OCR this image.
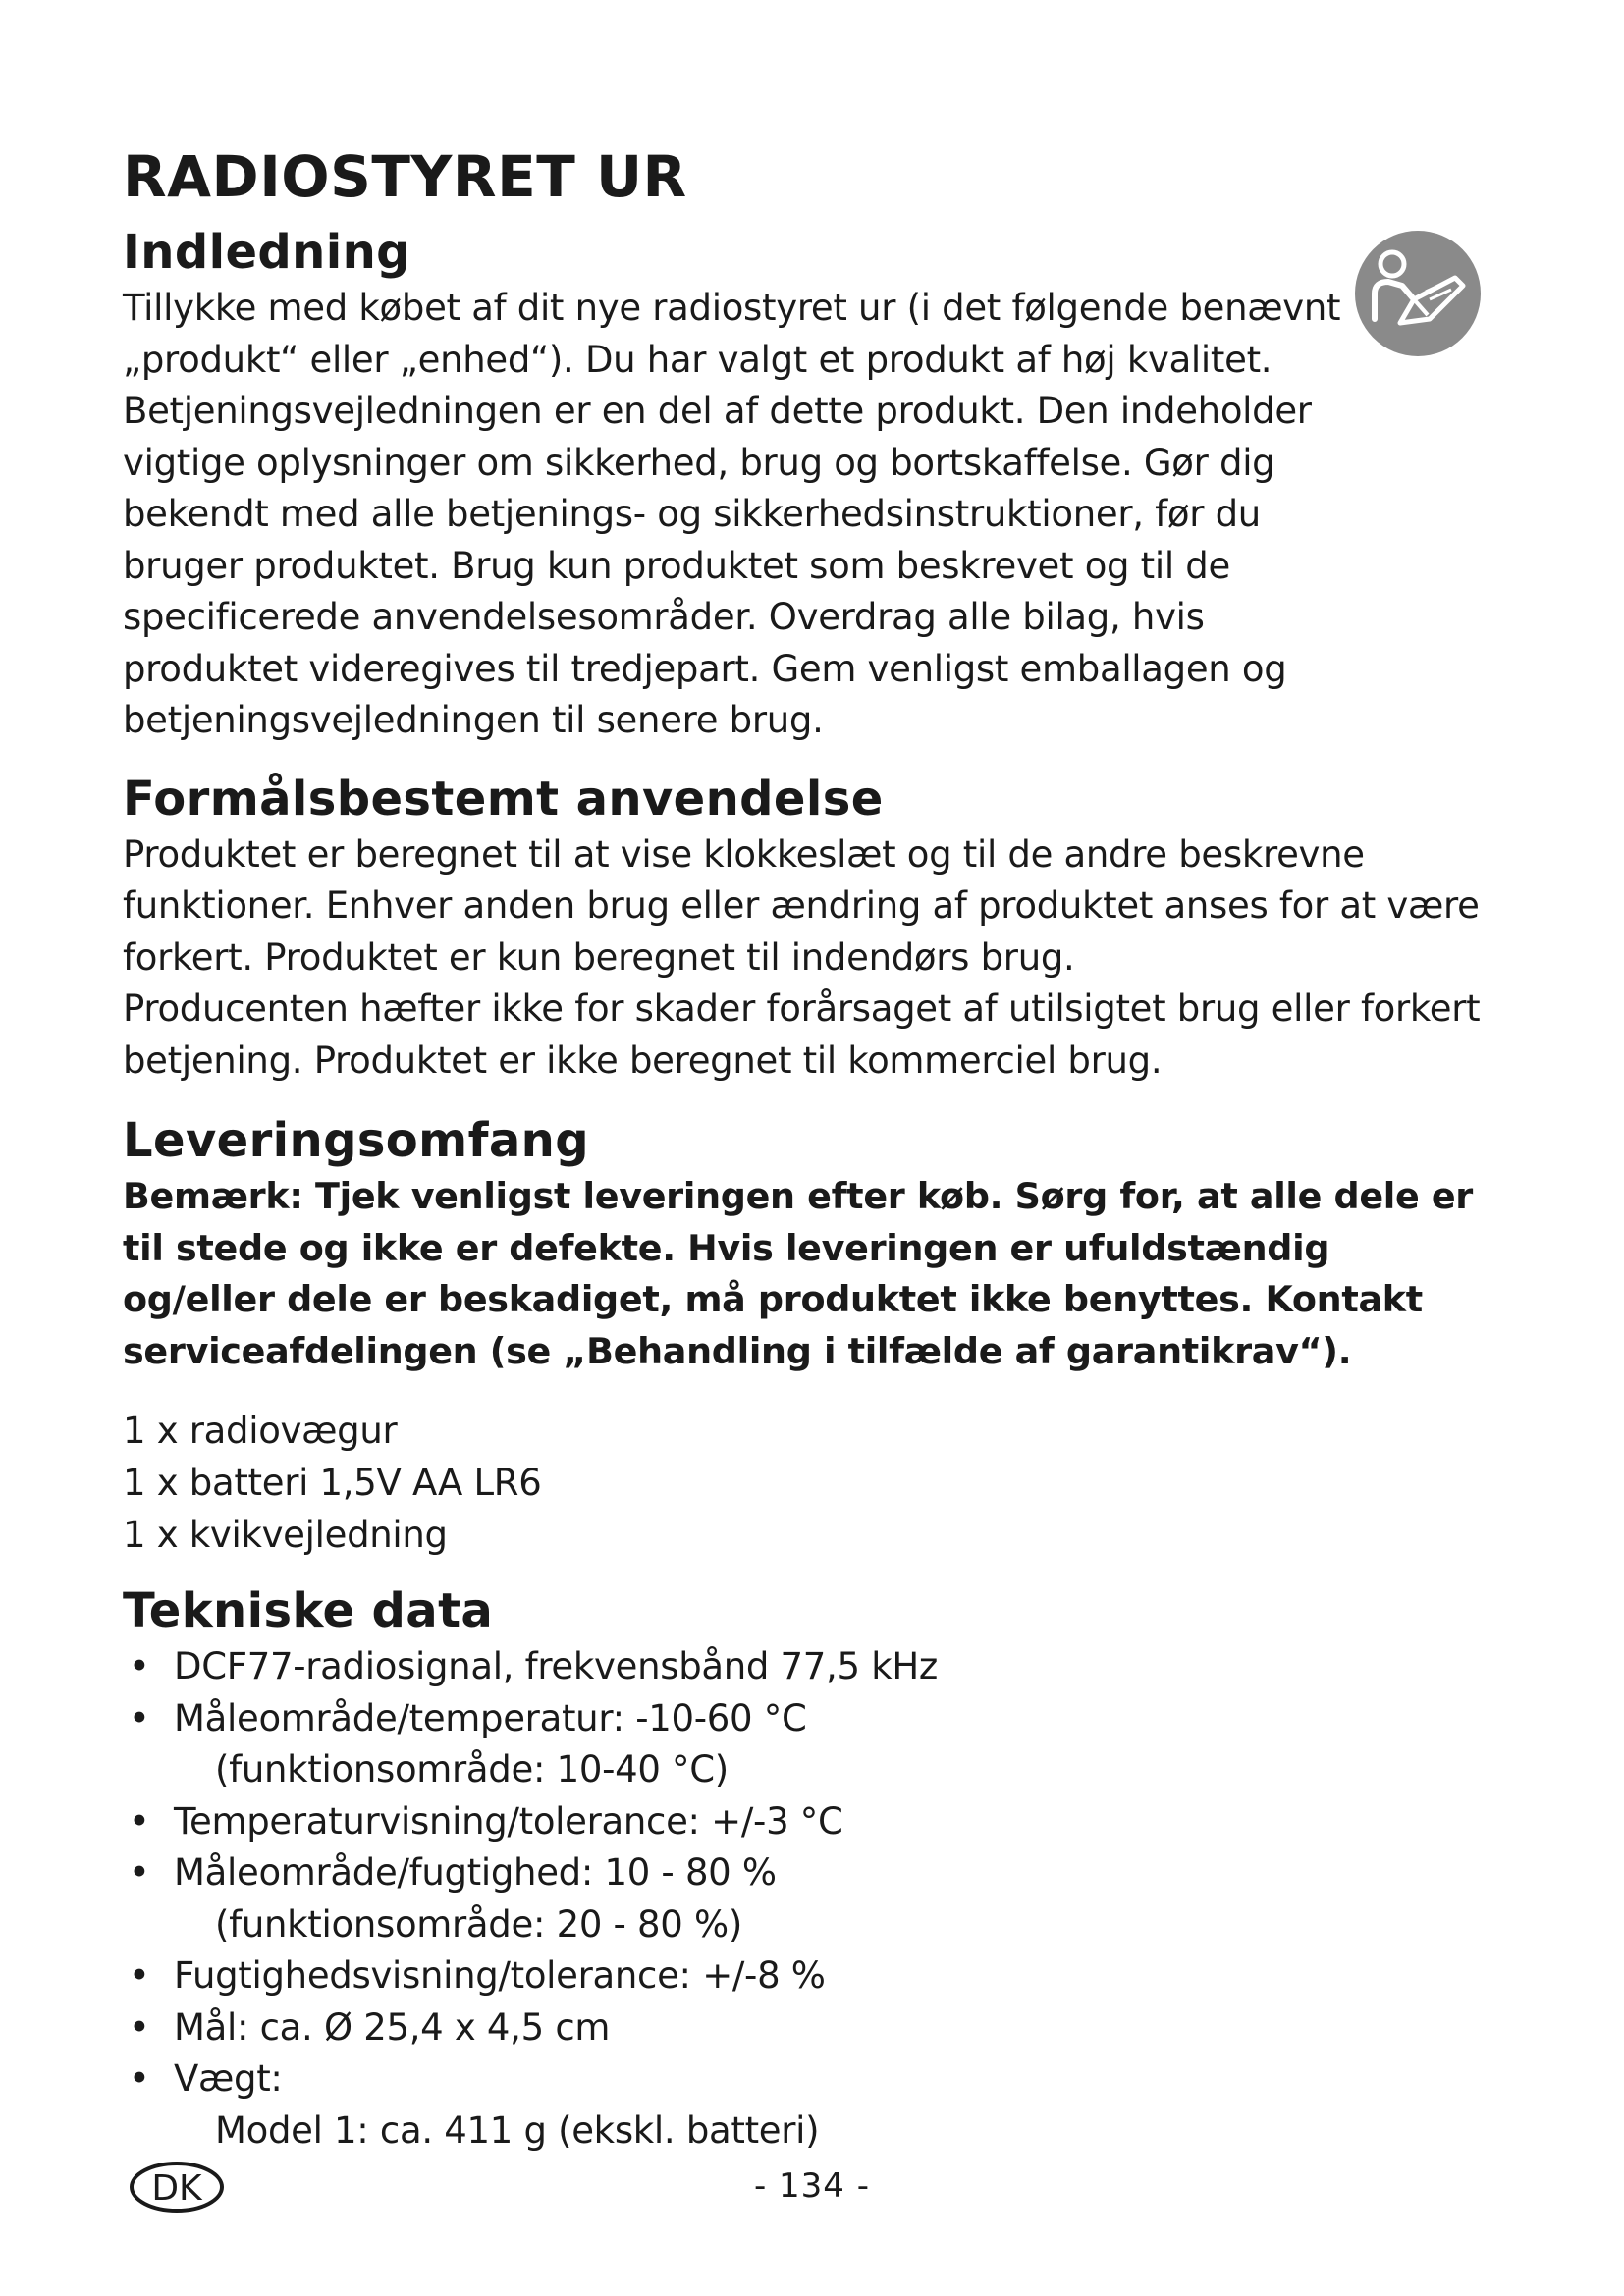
RADIOSTYRET UR
Indledning

Tillykke med købet af dit nye radiostyret ur (i det følgende benævnt „produkt“ eller „enhed“). Du har valgt et produkt af høj kvalitet. Betjeningsvejledningen er en del af dette produkt. Den indeholder vigtige oplysninger om sikkerhed, brug og bortskaffelse. Gør dig bekendt med alle betjenings- og sikkerhedsinstruktioner, før du bruger produktet. Brug kun produktet som beskrevet og til de specificerede anvendelsesområder. Overdrag alle bilag, hvis produktet videregives til tredjepart. Gem venligst emballagen og betjeningsvejledningen til senere brug.

Formålsbestemt anvendelse

Produktet er beregnet til at vise klokkeslæt og til de andre beskrevne funktioner. Enhver anden brug eller ændring af produktet anses for at være forkert. Produktet er kun beregnet til indendørs brug.

Producenten hæfter ikke for skader forårsaget af utilsigtet brug eller forkert betjening. Produktet er ikke beregnet til kommerciel brug.

Leveringsomfang

Bemærk: Tjek venligst leveringen efter køb. Sørg for, at alle dele er til stede og ikke er defekte. Hvis leveringen er ufuldstændig og/eller dele er beskadiget, må produktet ikke benyttes. Kontakt serviceafdelingen (se „Behandling i tilfælde af garantikrav“).

1 x radiovægur
1 x batteri 1,5V AA LR6
1 x kvikvejledning
Tekniske data
• DCF77-radiosignal, frekvensbånd 77,5 kHz
• Måleområde/temperatur: -10-60 °C
(funktionsområde: 10-40 °C)
• Temperaturvisning/tolerance: +/-3 °C
• Måleområde/fugtighed: 10 - 80 %
(funktionsområde: 20 - 80 %)
• Fugtighedsvisning/tolerance: +/-8 %
• Mål: ca. Ø 25,4 x 4,5 cm
• Vægt:
Model 1: ca. 411 g (ekskl. batteri)
DK	- 134 -
